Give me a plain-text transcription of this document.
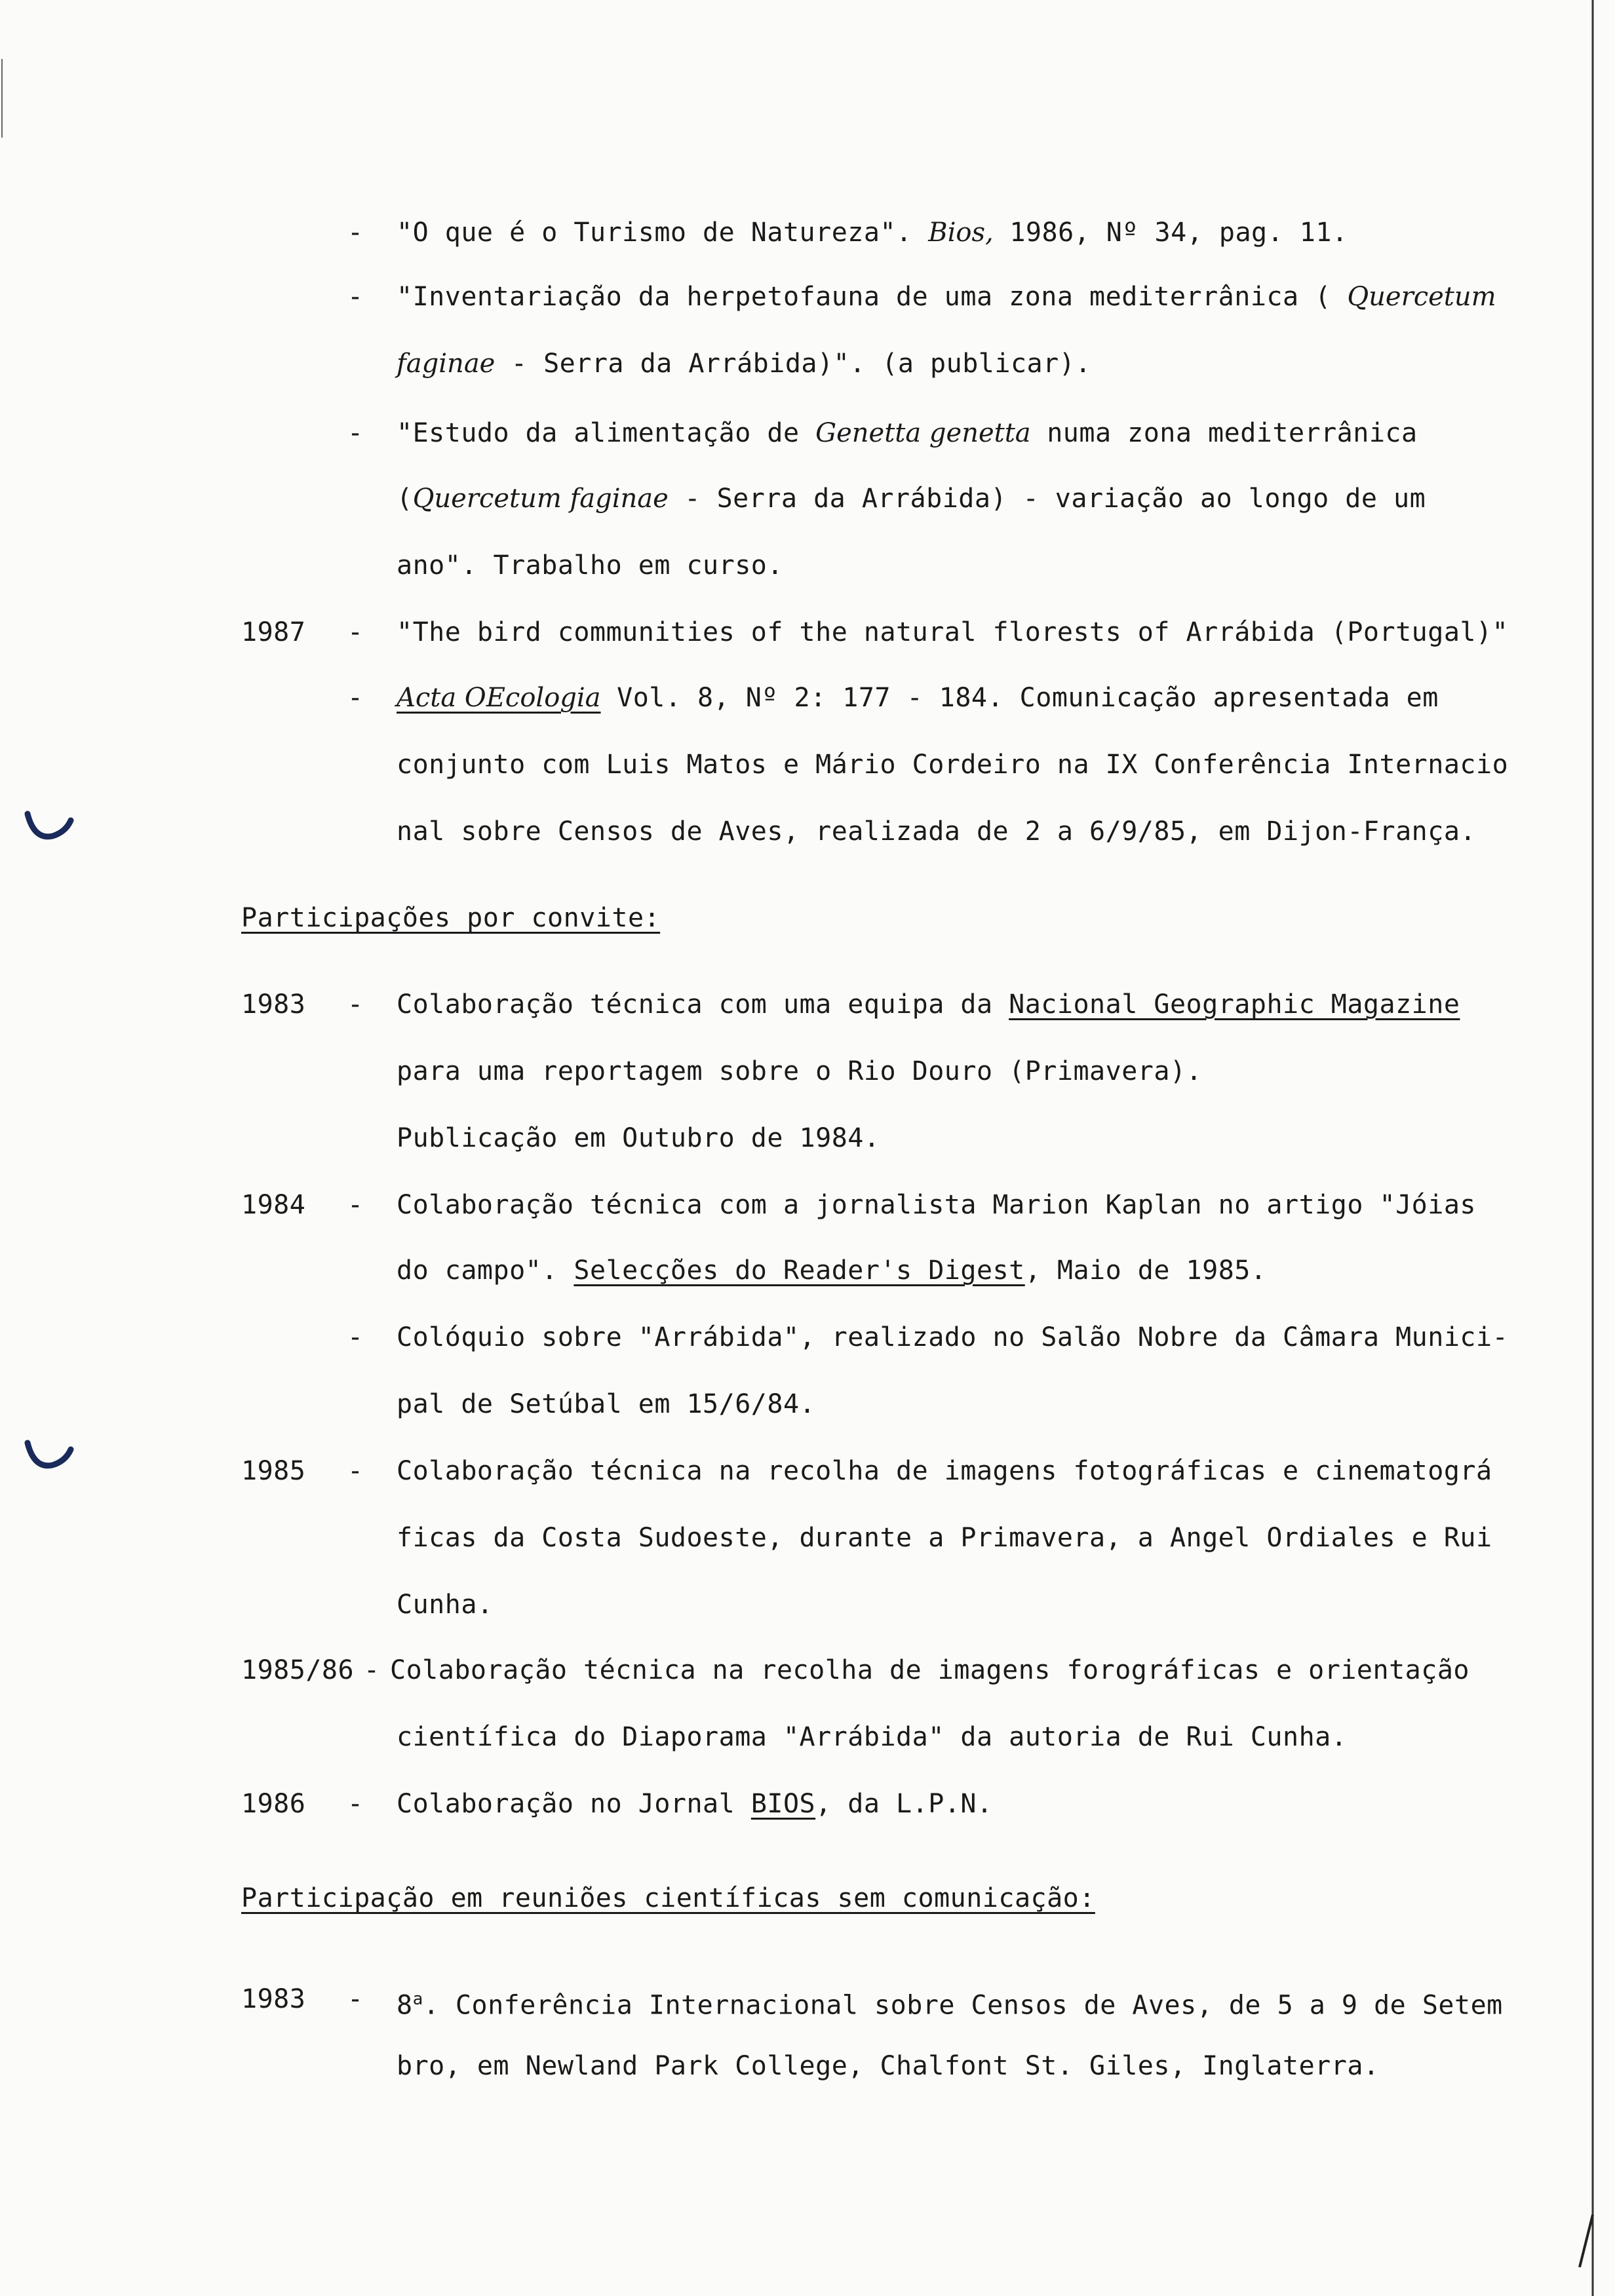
- "O que é o Turismo de Natureza". Bios, 1986, Nº 34, pag. 11.
- "Inventariação da herpetofauna de uma zona mediterrânica ( Quercetum
faginae - Serra da Arrábida)". (a publicar).
- "Estudo da alimentação de Genetta genetta numa zona mediterrânica
(Quercetum faginae - Serra da Arrábida) - variação ao longo de um
ano". Trabalho em curso.
1987 - "The bird communities of the natural florests of Arrábida (Portugal)"
- Acta OEcologia Vol. 8, Nº 2: 177 - 184. Comunicação apresentada em
conjunto com Luis Matos e Mário Cordeiro na IX Conferência Internacio
nal sobre Censos de Aves, realizada de 2 a 6/9/85, em Dijon-França.
Participações por convite:
1983 - Colaboração técnica com uma equipa da Nacional Geographic Magazine
para uma reportagem sobre o Rio Douro (Primavera).
Publicação em Outubro de 1984.
1984 - Colaboração técnica com a jornalista Marion Kaplan no artigo "Jóias
do campo". Selecções do Reader's Digest, Maio de 1985.
- Colóquio sobre "Arrábida", realizado no Salão Nobre da Câmara Munici-
pal de Setúbal em 15/6/84.
1985 - Colaboração técnica na recolha de imagens fotográficas e cinematográ
ficas da Costa Sudoeste, durante a Primavera, a Angel Ordiales e Rui
Cunha.
1985/86 Colaboração técnica na recolha de imagens forográficas e orientação
-
científica do Diaporama "Arrábida" da autoria de Rui Cunha.
1986 - Colaboração no Jornal BIOS, da L.P.N.
Participação em reuniões científicas sem comunicação:
1983 - 8$^a$. Conferência Internacional sobre Censos de Aves, de 5 a 9 de Setem
bro, em Newland Park College, Chalfont St. Giles, Inglaterra.
